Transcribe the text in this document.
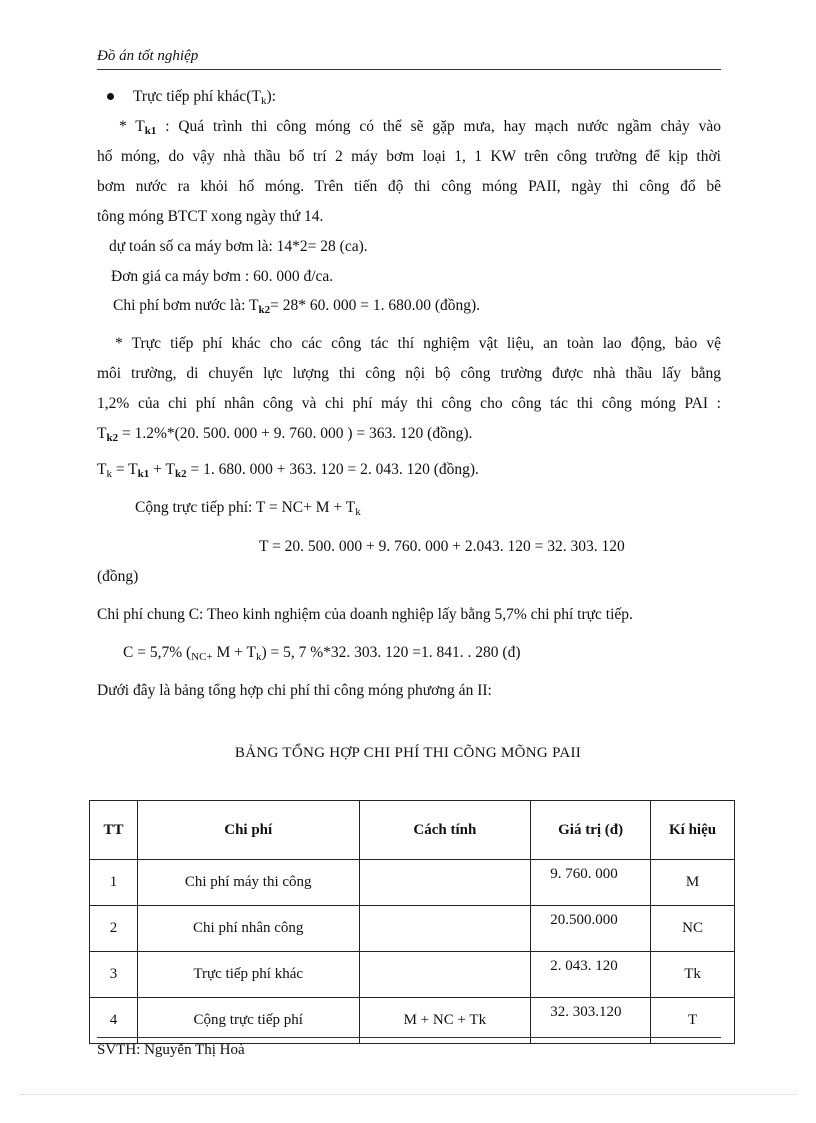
Đồ án tốt nghiệp
Trực tiếp phí khác(Tk):
* $T_{k1}$ : Quá trình thi công móng có thể sẽ gặp mưa, hay mạch nước ngầm chảy vào
hố móng, do vậy nhà thầu bố trí 2 máy bơm loại 1, 1 KW trên công trường để kịp thời
bơm nước ra khỏi hố móng. Trên tiến độ thi công móng PAII, ngày thi công đổ bê
tông móng BTCT xong ngày thứ 14.
dự toán số ca máy bơm là: 14*2= 28 (ca).
Đơn giá ca máy bơm : 60. 000 đ/ca.
Chi phí bơm nước là: $T_{k2}= 28*$ 60. 000 = 1. 680.00 (đồng).
* Trực tiếp phí khác cho các công tác thí nghiệm vật liệu, an toàn lao động, bảo vệ
môi trường, di chuyển lực lượng thi công nội bộ công trường được nhà thầu lấy bằng
1,2% của chi phí nhân công và chi phí máy thi công cho công tác thi công móng PAI :
$T_{k2} = 1.2\%*(20$. 500. 000 + 9. 760. 000 ) = 363. 120 (đồng).
$Tk = T_{k1} + T_{k2} = 1$. 680. 000 + 363. 120 = 2. 043. 120 (đồng).
Cộng trực tiếp phí: T = NC+ M + Tk
T = 20. 500. 000 + 9. 760. 000 + 2.043. 120 = 32. 303. 120
(đồng)
Chi phí chung C: Theo kinh nghiệm của doanh nghiệp lấy bằng 5,7% chi phí trực tiếp.
C = 5,7% (NC+ M + Tk) = 5, 7 %*32. 303. 120 =1. 841. . 280 (đ)
Dưới đây là bảng tổng hợp chi phí thi công móng phương án II:
BẢNG TỔNG HỢP CHI PHÍ THI CÕNG MÕNG PAII
TT	Chi phí	Cách tính	Giá trị (đ)	Kí hiệu
1	Chi phí máy thi công		9. 760. 000	M
2	Chi phí nhân công		20.500.000	NC
3	Trực tiếp phí khác		2. 043. 120	Tk
4	Cộng trực tiếp phí	M + NC + Tk	32. 303.120	T
SVTH: Nguyễn Thị Hoà
